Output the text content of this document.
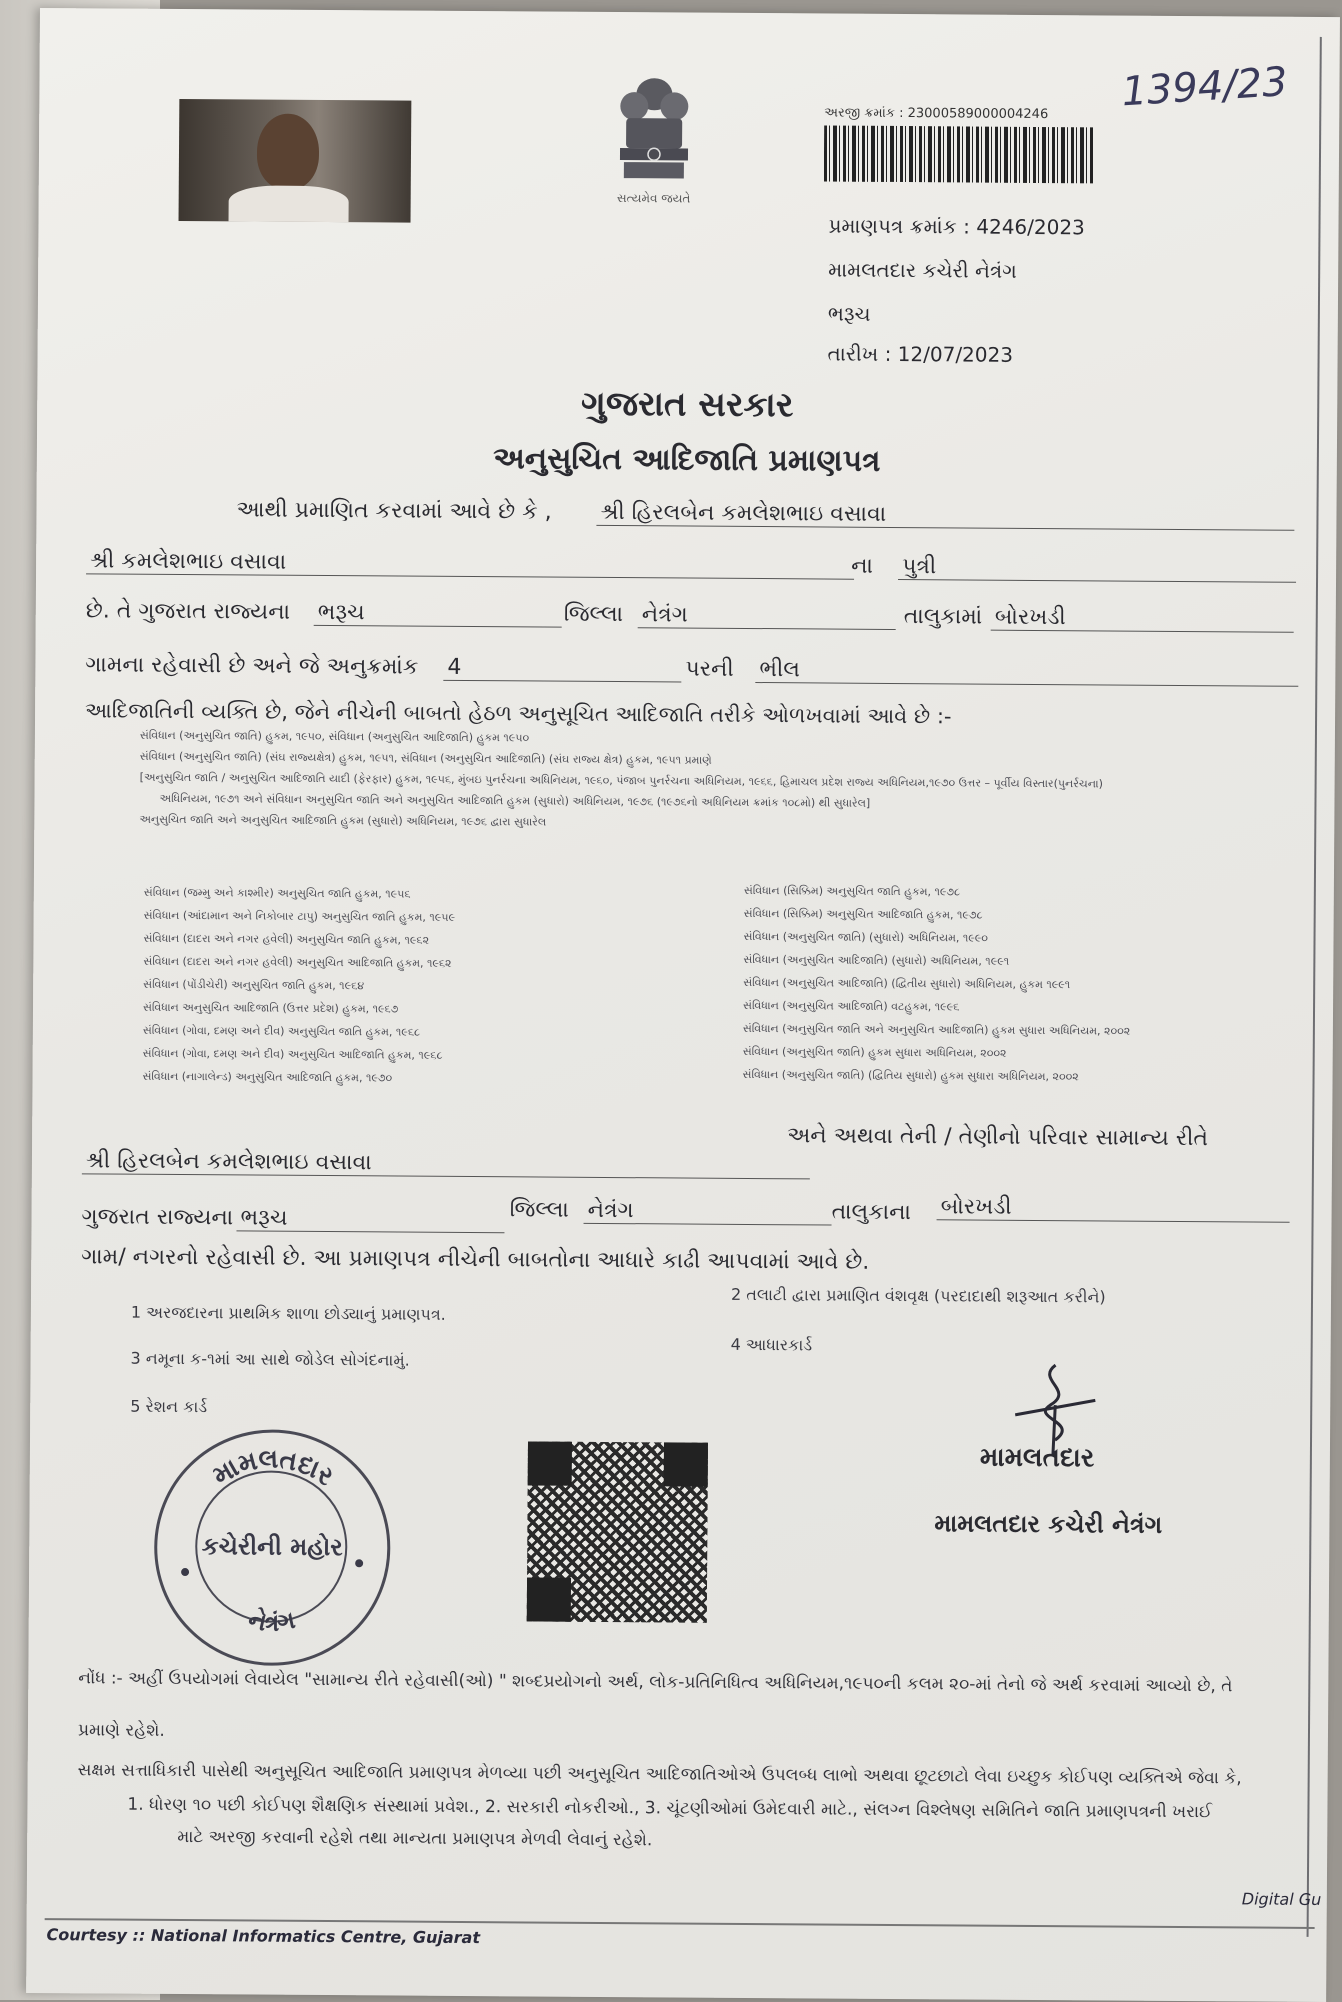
સત્યમેવ જયતે
અરજી ક્રમાંક : 23000589000004246 1394/23
પ્રમાણપત્ર ક્રમાંક : 4246/2023
મામલતદાર કચેરી નેત્રંગ
ભરૂચ
તારીખ : 12/07/2023
ગુજરાત સરકાર
અનુસુચિત આદિજાતિ પ્રમાણપત્ર
આથી પ્રમાણિત કરવામાં આવે છે કે , શ્રી હિરલબેન કમલેશભાઇ વસાવા
શ્રી કમલેશભાઇ વસાવા	ના પુત્રી
છે. તે ગુજરાત રાજ્યના ભરૂચ	જિલ્લા નેત્રંગ	તાલુકામાં બોરખડી
ગામના રહેવાસી છે અને જે અનુક્રમાંક 4	પરની ભીલ
આદિજાતિની વ્યક્તિ છે, જેને નીચેની બાબતો હેઠળ અનુસૂચિત આદિજાતિ તરીકે ઓળખવામાં આવે છે :-
સંવિધાન (અનુસુચિત જાતિ) હુકમ, ૧૯૫૦, સંવિધાન (અનુસુચિત આદિજાતિ) હુકમ ૧૯૫૦
સંવિધાન (અનુસુચિત જાતિ) (સંઘ રાજ્યક્ષેત્ર) હુકમ, ૧૯૫૧, સંવિધાન (અનુસુચિત આદિજાતિ) (સંઘ રાજ્ય ક્ષેત્ર) હુકમ, ૧૯૫૧ પ્રમાણે
[અનુસુચિત જાતિ / અનુસુચિત આદિજાતિ યાદી (ફેરફાર) હુકમ, ૧૯૫૬, મુંબઇ પુનર્રચના અધિનિયમ, ૧૯૬૦, પંજાબ પુનર્રચના અધિનિયમ, ૧૯૬૬, હિમાચલ પ્રદેશ રાજ્ય અધિનિયમ,૧૯૭૦ ઉત્તર – પૂર્વીય વિસ્તાર(પુનર્રચના)
અધિનિયમ, ૧૯૭૧ અને સંવિધાન અનુસુચિત જાતિ અને અનુસુચિત આદિજાતિ હુકમ (સુધારો) અધિનિયમ, ૧૯૭૬ (૧૯૭૬નો અધિનિયમ ક્રમાંક ૧૦૮મો) થી સુધારેલ]
અનુસુચિત જાતિ અને અનુસુચિત આદિજાતિ હુકમ (સુધારો) અધિનિયમ, ૧૯૭૬ દ્વારા સુધારેલ
સંવિધાન (જમ્મુ અને કાશ્મીર) અનુસુચિત જાતિ હુકમ, ૧૯૫૬
સંવિધાન (આંદામાન અને નિકોબાર ટાપુ) અનુસુચિત જાતિ હુકમ, ૧૯૫૯
સંવિધાન (દાદરા અને નગર હવેલી) અનુસુચિત જાતિ હુકમ, ૧૯૬૨
સંવિધાન (દાદરા અને નગર હવેલી) અનુસુચિત આદિજાતિ હુકમ, ૧૯૬૨
સંવિધાન (પોંડીચેરી) અનુસુચિત જાતિ હુકમ, ૧૯૬૪
સંવિધાન અનુસુચિત આદિજાતિ (ઉત્તર પ્રદેશ) હુકમ, ૧૯૬૭
સંવિધાન (ગોવા, દમણ અને દીવ) અનુસુચિત જાતિ હુકમ, ૧૯૬૮
સંવિધાન (ગોવા, દમણ અને દીવ) અનુસુચિત આદિજાતિ હુકમ, ૧૯૬૮
સંવિધાન (નાગાલેન્ડ) અનુસુચિત આદિજાતિ હુકમ, ૧૯૭૦
સંવિધાન (સિક્કિમ) અનુસુચિત જાતિ હુકમ, ૧૯૭૮
સંવિધાન (સિક્કિમ) અનુસુચિત આદિજાતિ હુકમ, ૧૯૭૮
સંવિધાન (અનુસુચિત જાતિ) (સુધારો) અધિનિયમ, ૧૯૯૦
સંવિધાન (અનુસુચિત આદિજાતિ) (સુધારો) અધિનિયમ, ૧૯૯૧
સંવિધાન (અનુસુચિત આદિજાતિ) (દ્વિતીય સુધારો) અધિનિયમ, હુકમ ૧૯૯૧
સંવિધાન (અનુસુચિત આદિજાતિ) વટહુકમ, ૧૯૯૬
સંવિધાન (અનુસુચિત જાતિ અને અનુસુચિત આદિજાતિ) હુકમ સુધારા અધિનિયમ, ૨૦૦૨
સંવિધાન (અનુસુચિત જાતિ) હુકમ સુધારા અધિનિયમ, ૨૦૦૨
સંવિધાન (અનુસુચિત જાતિ) (દ્વિતિય સુધારો) હુકમ સુધારા અધિનિયમ, ૨૦૦૨
અને અથવા તેની / તેણીનો પરિવાર સામાન્ય રીતે
શ્રી હિરલબેન કમલેશભાઇ વસાવા
ગુજરાત રાજ્યના ભરૂચ	જિલ્લા નેત્રંગ	તાલુકાના બોરખડી
ગામ/ નગરનો રહેવાસી છે. આ પ્રમાણપત્ર નીચેની બાબતોના આધારે કાઢી આપવામાં આવે છે.
1 અરજદારના પ્રાથમિક શાળા છોડ્યાનું પ્રમાણપત્ર.
2 તલાટી દ્વારા પ્રમાણિત વંશવૃક્ષ (પરદાદાથી શરૂઆત કરીને)
3 નમૂના ક-૧માં આ સાથે જોડેલ સોગંદનામું.
4 આધારકાર્ડ
5 રેશન કાર્ડ
મામલતદાર
નેત્રંગ
કચેરીની મહોર
મામલતદાર
મામલતદાર કચેરી નેત્રંગ
નોંધ :- અહીં ઉપયોગમાં લેવાયેલ "સામાન્ય રીતે રહેવાસી(ઓ) " શબ્દપ્રયોગનો અર્થ, લોક-પ્રતિનિધિત્વ અધિનિયમ,૧૯૫૦ની કલમ ૨૦-માં તેનો જે અર્થ કરવામાં આવ્યો છે, તે
પ્રમાણે રહેશે.
સક્ષમ સત્તાધિકારી પાસેથી અનુસૂચિત આદિજાતિ પ્રમાણપત્ર મેળવ્યા પછી અનુસૂચિત આદિજાતિઓએ ઉપલબ્ધ લાભો અથવા છૂટછાટો લેવા ઇચ્છુક કોઈપણ વ્યક્તિએ જેવા કે,
1. ધોરણ ૧૦ પછી કોઈપણ શૈક્ષણિક સંસ્થામાં પ્રવેશ., 2. સરકારી નોકરીઓ., 3. ચૂંટણીઓમાં ઉમેદવારી માટે., સંલગ્ન વિશ્લેષણ સમિતિને જાતિ પ્રમાણપત્રની ખરાઈ
માટે અરજી કરવાની રહેશે તથા માન્યતા પ્રમાણપત્ર મેળવી લેવાનું રહેશે.
Digital Gu
Courtesy :: National Informatics Centre, Gujarat
